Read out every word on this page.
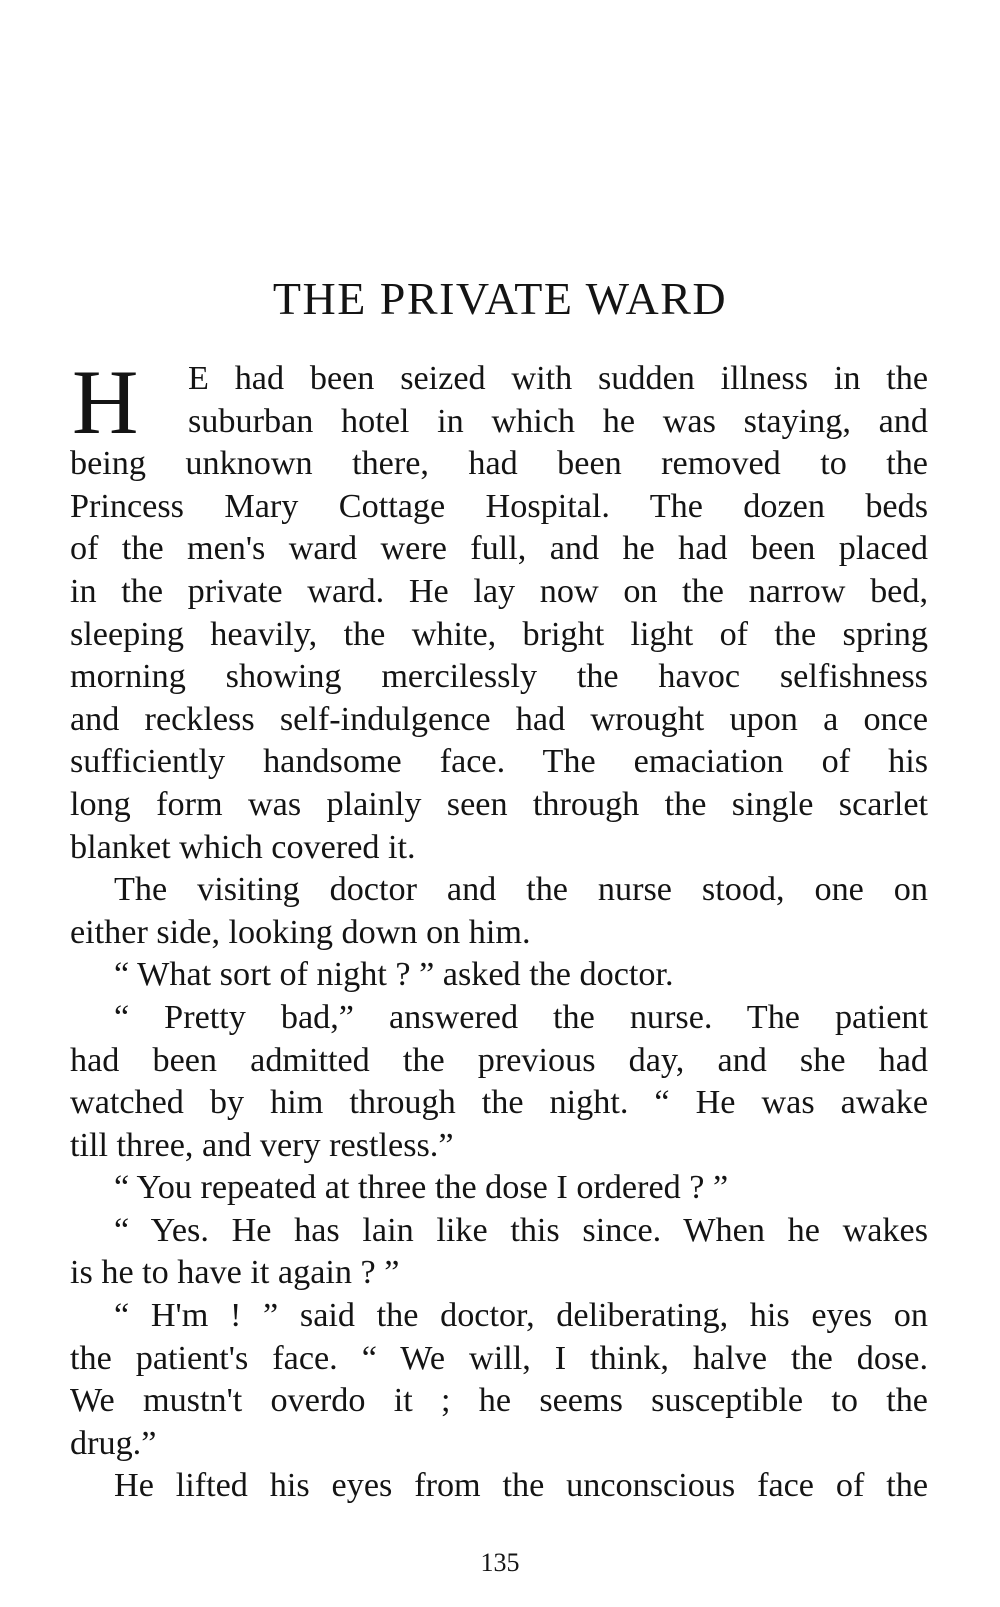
THE PRIVATE WARD
H	E had been seized with sudden illness in the
suburban hotel in which he was staying, and
being unknown there, had been removed to the
Princess Mary Cottage Hospital. The dozen beds
of the men's ward were full, and he had been placed
in the private ward. He lay now on the narrow bed,
sleeping heavily, the white, bright light of the spring
morning showing mercilessly the havoc selfishness
and reckless self-indulgence had wrought upon a once
sufficiently handsome face. The emaciation of his
long form was plainly seen through the single scarlet
blanket which covered it.
The visiting doctor and the nurse stood, one on
either side, looking down on him.
“ What sort of night ? ” asked the doctor.
“ Pretty bad,” answered the nurse. The patient
had been admitted the previous day, and she had
watched by him through the night. “ He was awake
till three, and very restless.”
“ You repeated at three the dose I ordered ? ”
“ Yes. He has lain like this since. When he wakes
is he to have it again ? ”
“ H'm ! ” said the doctor, deliberating, his eyes on
the patient's face. “ We will, I think, halve the dose.
We mustn't overdo it ; he seems susceptible to the
drug.”
He lifted his eyes from the unconscious face of the

135
